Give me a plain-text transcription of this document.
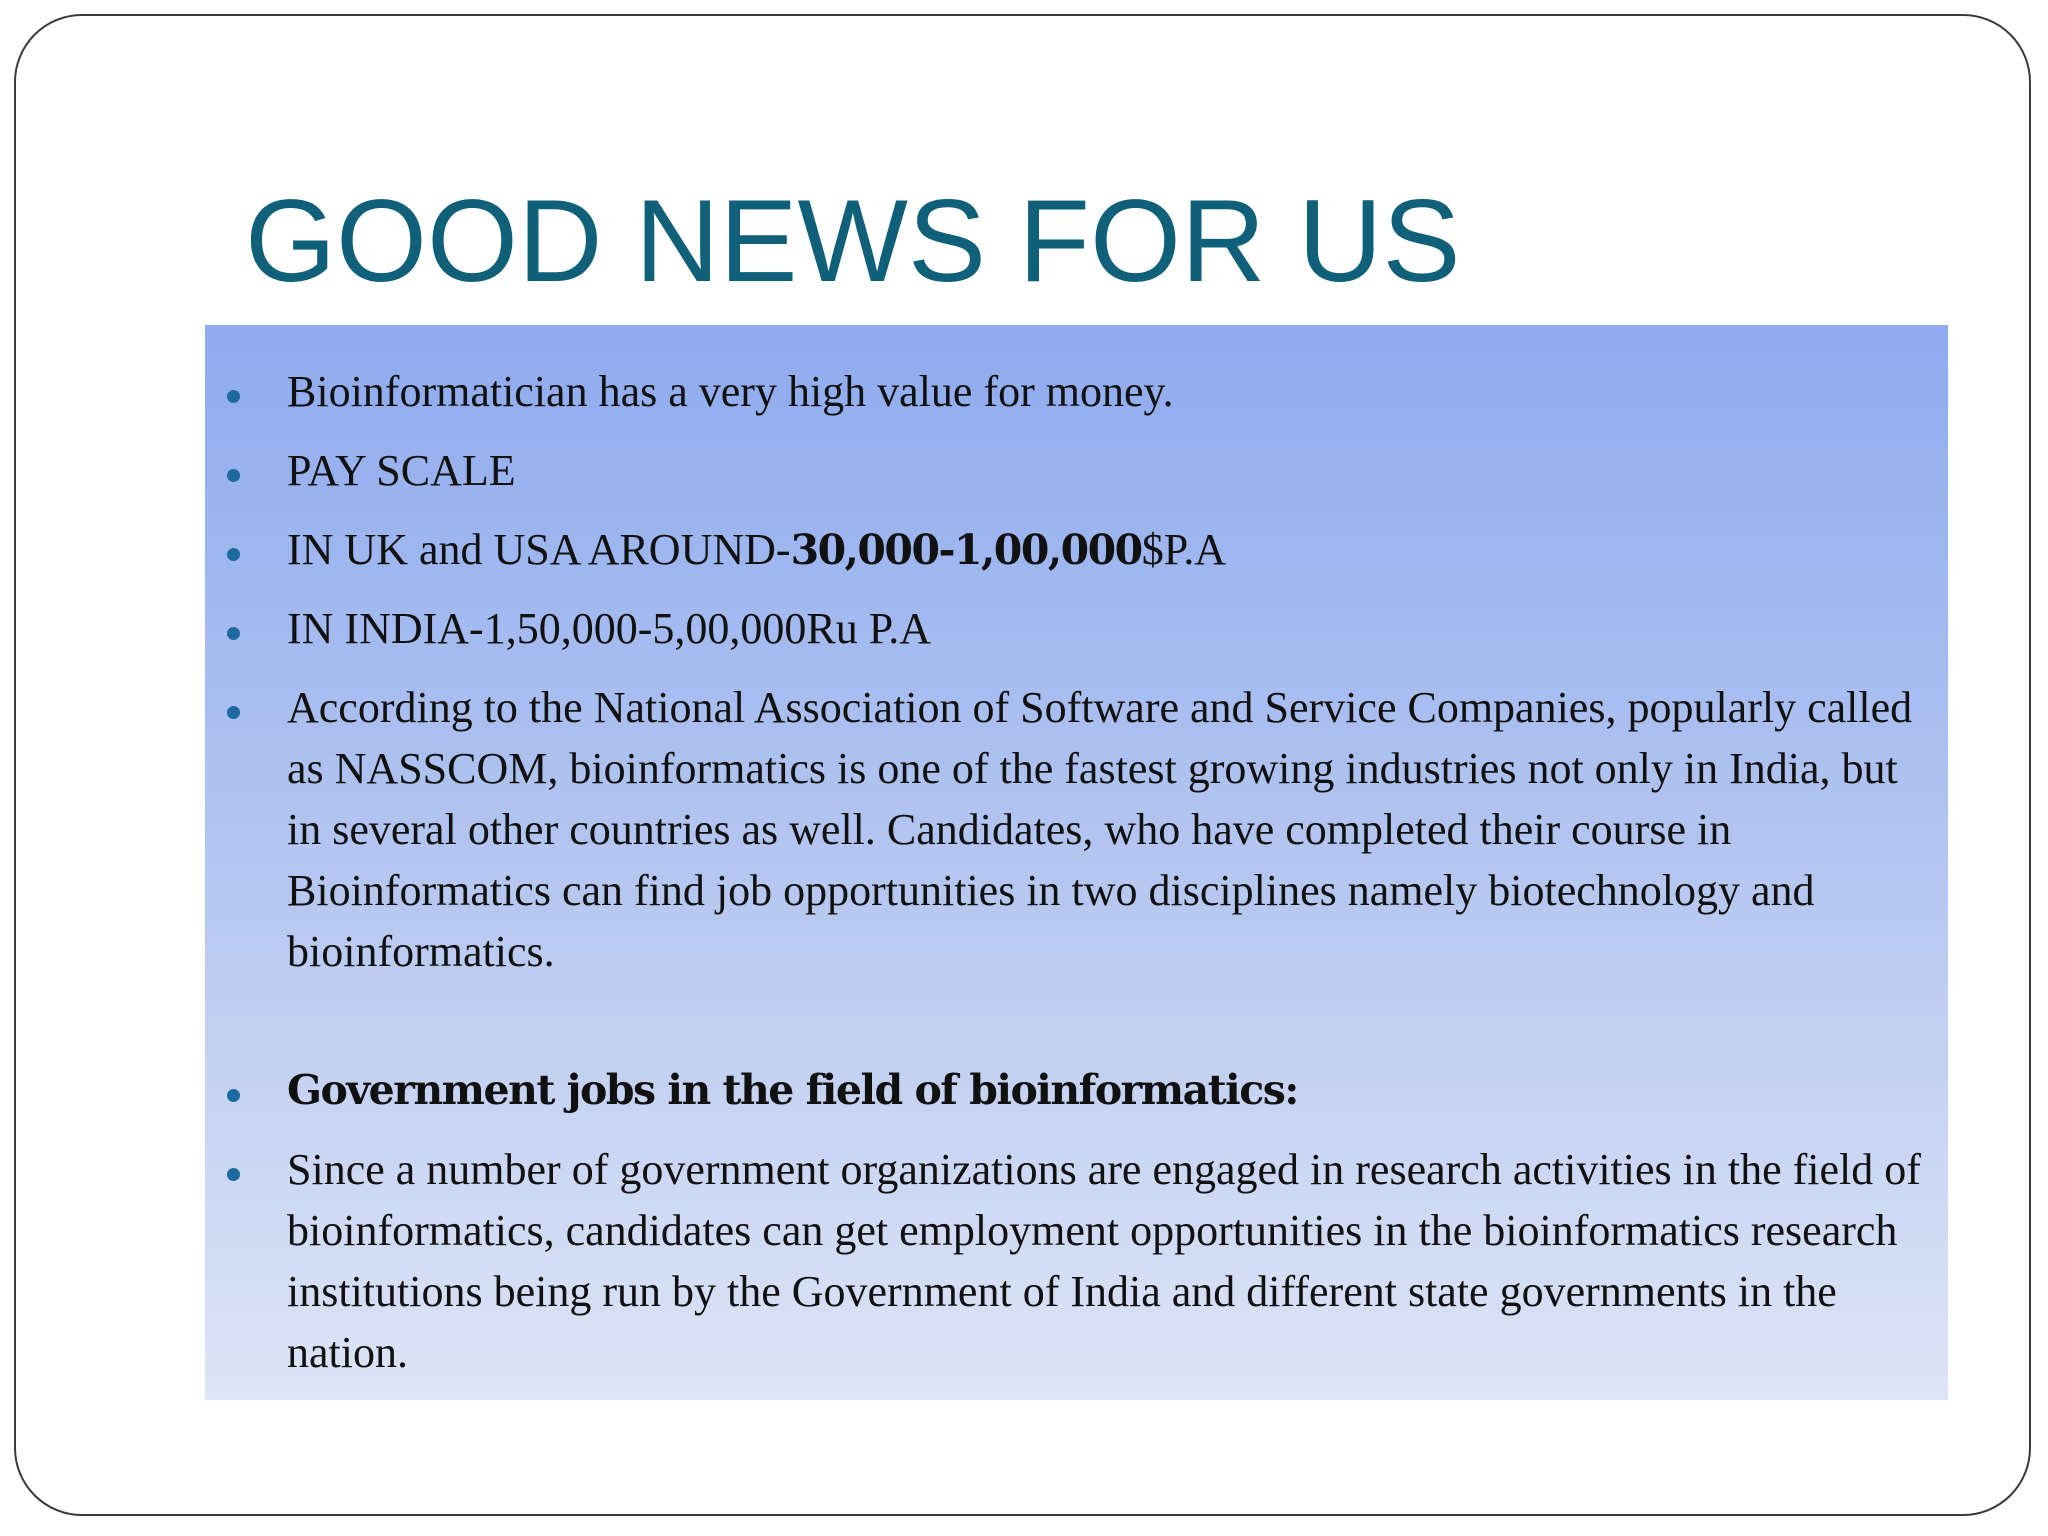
GOOD NEWS FOR US
Bioinformatician has a very high value for money.
PAY SCALE
IN UK and USA AROUND-30,000-1,00,000$P.A
IN INDIA-1,50,000-5,00,000Ru P.A
According to the National Association of Software and Service Companies, popularly called as NASSCOM, bioinformatics is one of the fastest growing industries not only in India, but in several other countries as well. Candidates, who have completed their course in Bioinformatics can find job opportunities in two disciplines namely biotechnology and bioinformatics.
Government jobs in the field of bioinformatics:
Since a number of government organizations are engaged in research activities in the field of bioinformatics, candidates can get employment opportunities in the bioinformatics research institutions being run by the Government of India and different state governments in the nation.
